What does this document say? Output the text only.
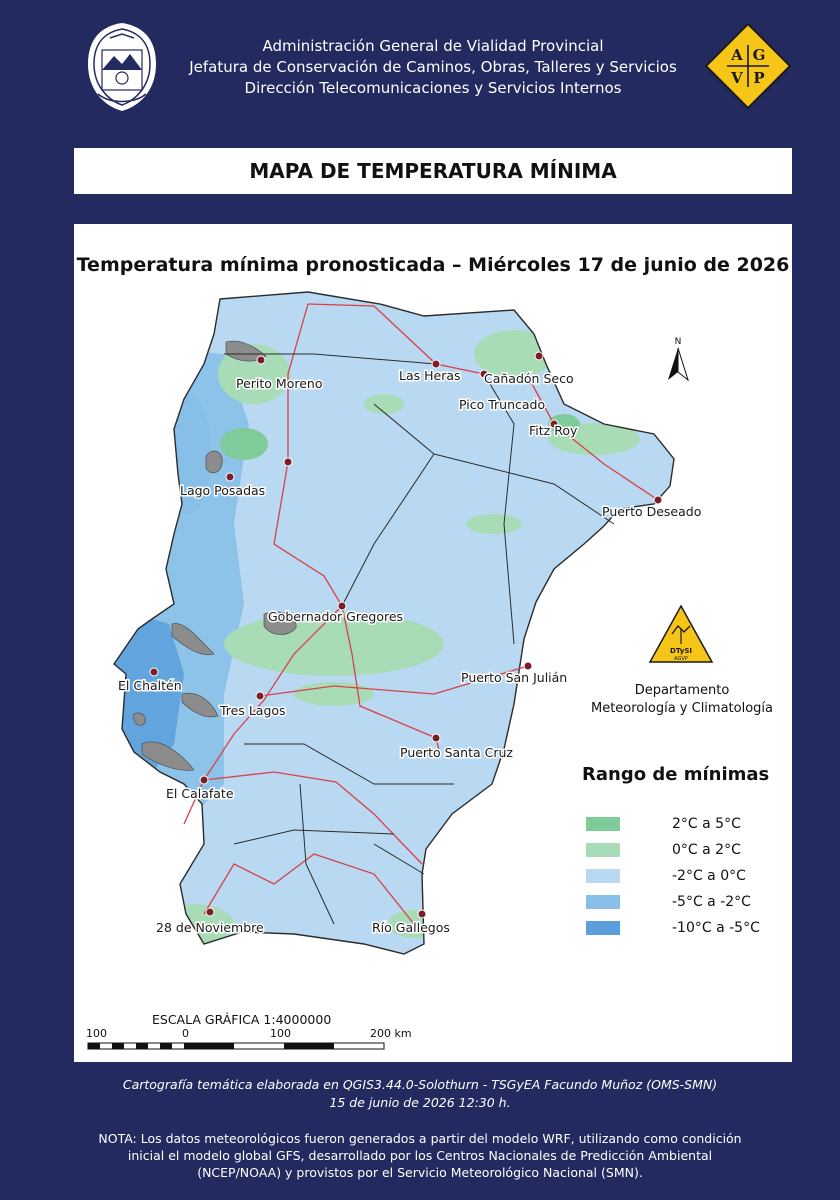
Administración General de Vialidad Provincial
Jefatura de Conservación de Caminos, Obras, Talleres y Servicios
Dirección Telecomunicaciones y Servicios Internos
A G
V P
MAPA DE TEMPERATURA MÍNIMA
Temperatura mínima pronosticada – Miércoles 17 de junio de 2026
Perito Moreno
Las Heras Cañadón Seco
Pico Truncado
Fitz Roy
Lago Posadas
Puerto Deseado
Gobernador Gregores
Puerto San Julián
El Chaltén
Tres Lagos
Puerto Santa Cruz
El Calafate
28 de Noviembre	Río Gallegos
N
ESCALA GRÁFICA 1:4000000
100	0	100	200 km
DTySI
AGVP
Departamento
Meteorología y Climatología
Rango de mínimas
2°C a 5°C
0°C a 2°C
-2°C a 0°C
-5°C a -2°C
-10°C a -5°C
Cartografía temática elaborada en QGIS3.44.0-Solothurn - TSGyEA Facundo Muñoz (OMS-SMN)
15 de junio de 2026 12:30 h.
NOTA: Los datos meteorológicos fueron generados a partir del modelo WRF, utilizando como condición inicial el modelo global GFS, desarrollado por los Centros Nacionales de Predicción Ambiental (NCEP/NOAA) y provistos por el Servicio Meteorológico Nacional (SMN).
